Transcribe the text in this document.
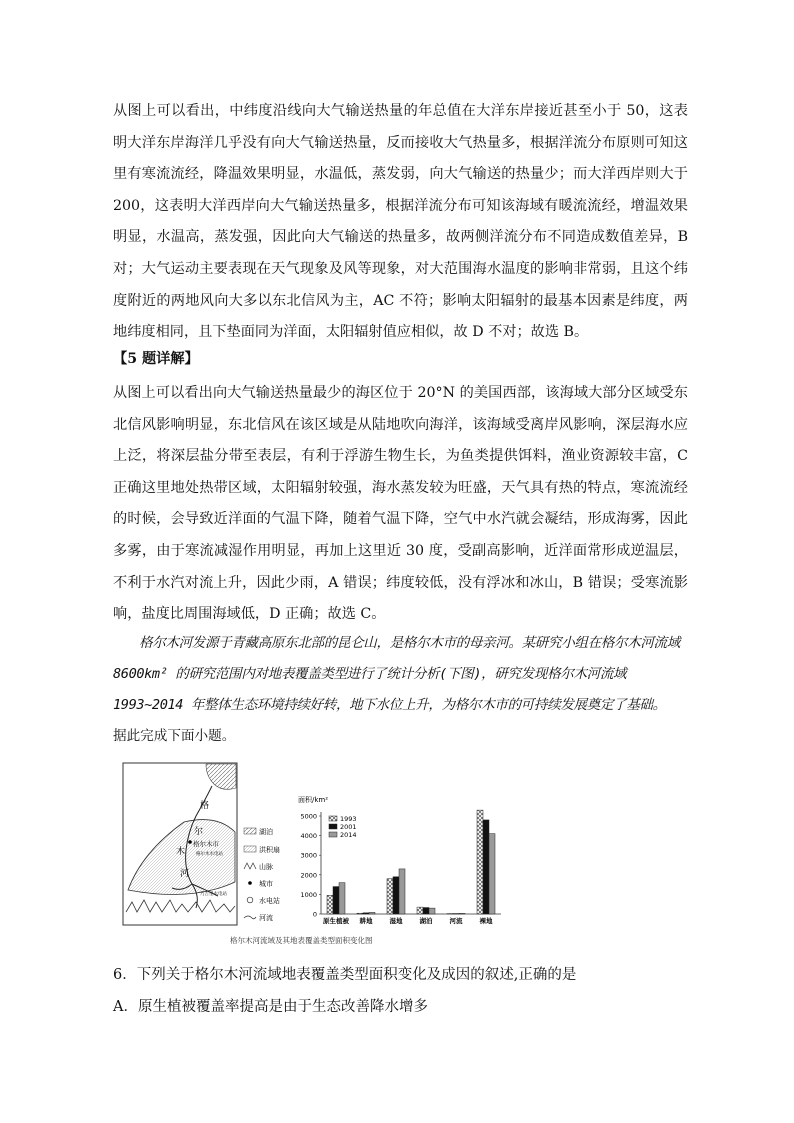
从图上可以看出，中纬度沿线向大气输送热量的年总值在大洋东岸接近甚至小于 50，这表明大洋东岸海洋几乎没有向大气输送热量，反而接收大气热量多，根据洋流分布原则可知这里有寒流流经，降温效果明显，水温低，蒸发弱，向大气输送的热量少；而大洋西岸则大于200，这表明大洋西岸向大气输送热量多，根据洋流分布可知该海域有暖流流经，增温效果明显，水温高，蒸发强，因此向大气输送的热量多，故两侧洋流分布不同造成数值差异，B 对；大气运动主要表现在天气现象及风等现象，对大范围海水温度的影响非常弱，且这个纬度附近的两地风向大多以东北信风为主，AC 不符；影响太阳辐射的最基本因素是纬度，两地纬度相同，且下垫面同为洋面，太阳辐射值应相似，故 D 不对；故选 B。
【5 题详解】
从图上可以看出向大气输送热量最少的海区位于 20°N 的美国西部，该海域大部分区域受东北信风影响明显，东北信风在该区域是从陆地吹向海洋，该海域受离岸风影响，深层海水应上泛，将深层盐分带至表层，有利于浮游生物生长，为鱼类提供饵料，渔业资源较丰富，C 正确这里地处热带区域，太阳辐射较强，海水蒸发较为旺盛，天气具有热的特点，寒流流经的时候，会导致近洋面的气温下降，随着气温下降，空气中水汽就会凝结，形成海雾，因此多雾，由于寒流减湿作用明显，再加上这里近 30 度，受副高影响，近洋面常形成逆温层，不利于水汽对流上升，因此少雨，A 错误；纬度较低，没有浮冰和冰山，B 错误；受寒流影响，盐度比周围海域低，D 正确；故选 C。
格尔木河发源于青藏高原东北部的昆仑山，是格尔木市的母亲河。某研究小组在格尔木河流域 8600km² 的研究范围内对地表覆盖类型进行了统计分析(下图)，研究发现格尔木河流域 1993~2014 年整体生态环境持续好转，地下水位上升，为格尔木市的可持续发展奠定了基础。
据此完成下面小题。
格
尔
木
河
格尔木市
格尔木水电站
乃吉里水电站
湖泊
洪积扇
山脉
城市
水电站
河流
面积/km²
0
1000
2000
3000
4000
5000
原生植被 耕地	湿地	湖泊	河流	裸地
1993
2001
2014
格尔木河流域及其地表覆盖类型面积变化图
6．下列关于格尔木河流域地表覆盖类型面积变化及成因的叙述,正确的是
A．原生植被覆盖率提高是由于生态改善降水增多
